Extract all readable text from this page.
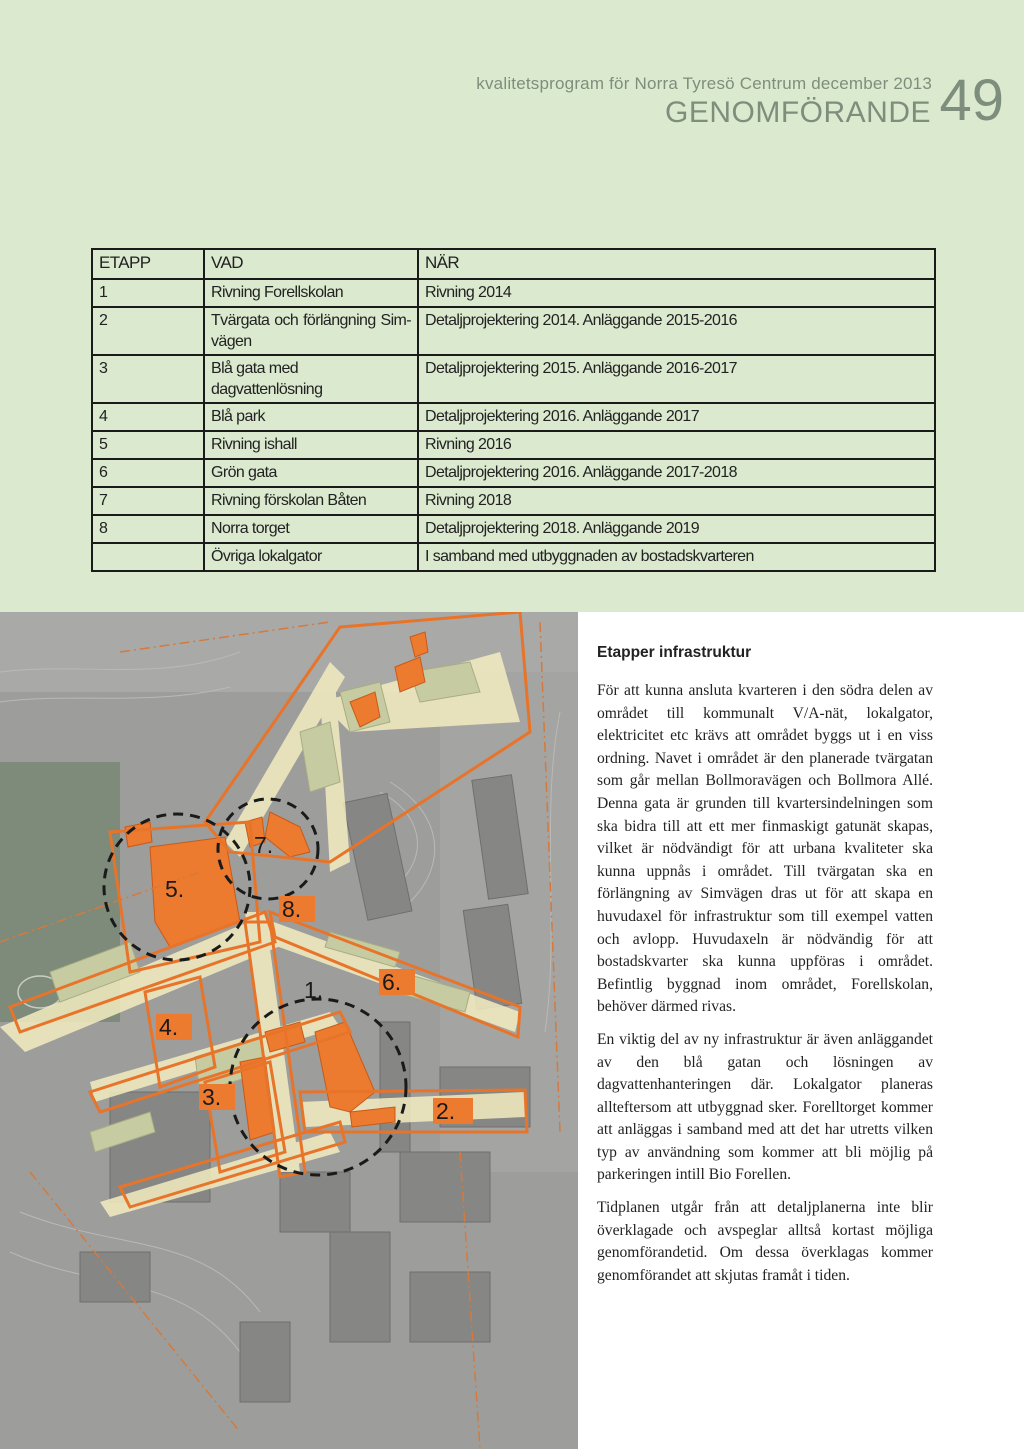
kvalitetsprogram för Norra Tyresö Centrum december 2013
GENOMFÖRANDE 49
ETAPP	VAD	NÄR
1	Rivning Forellskolan	Rivning 2014
2	Tvärgata och förlängning Sim-vägen	Detaljprojektering 2014. Anläggande 2015-2016
3	Blå gata med dagvattenlösning	Detaljprojektering 2015. Anläggande 2016-2017
4	Blå park	Detaljprojektering 2016. Anläggande 2017
5	Rivning ishall	Rivning 2016
6	Grön gata	Detaljprojektering 2016. Anläggande 2017-2018
7	Rivning förskolan Båten	Rivning 2018
8	Norra torget	Detaljprojektering 2018. Anläggande 2019
	Övriga lokalgator	I samband med utbyggnaden av bostadskvarteren
1.
2.
3.
4.
5.
6.
7.
8.
Etapper infrastruktur

För att kunna ansluta kvarteren i den södra delen av området till kommunalt V/A-nät, lokalgator, elektricitet etc krävs att området byggs ut i en viss ordning. Navet i området är den planerade tvärgatan som går mellan Bollmoravägen och Bollmora Allé. Denna gata är grunden till kvartersindelningen som ska bidra till att ett mer finmaskigt gatunät skapas, vilket är nödvändigt för att urbana kvaliteter ska kunna uppnås i området. Till tvärgatan ska en förlängning av Simvägen dras ut för att skapa en huvudaxel för infrastruktur som till exempel vatten och avlopp. Huvudaxeln är nödvändig för att bostadskvarter ska kunna uppföras i området. Befintlig byggnad inom området, Forellskolan, behöver därmed rivas.

En viktig del av ny infrastruktur är även anläggandet av den blå gatan och lösningen av dagvattenhanteringen där. Lokalgator planeras allteftersom att utbyggnad sker. Forelltorget kommer att anläggas i samband med att det har utretts vilken typ av användning som kommer att bli möjlig på parkeringen intill Bio Forellen.

Tidplanen utgår från att detaljplanerna inte blir överklagade och avspeglar alltså kortast möjliga genomförandetid. Om dessa överklagas kommer genomförandet att skjutas framåt i tiden.
